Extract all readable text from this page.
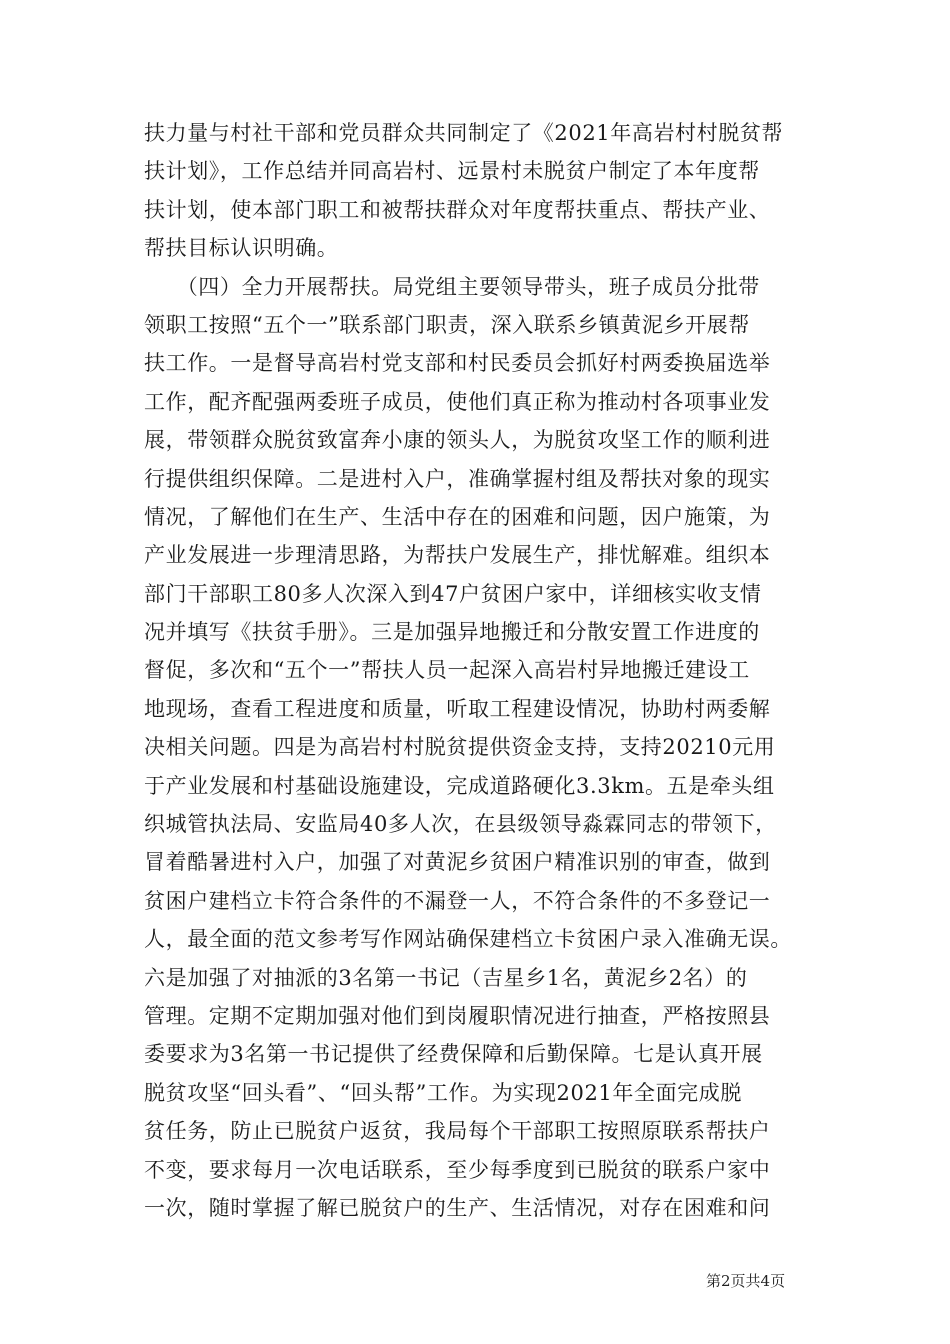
扶力量与村社干部和党员群众共同制定了《2021年高岩村村脱贫帮
扶计划》，工作总结并同高岩村、远景村未脱贫户制定了本年度帮
扶计划，使本部门职工和被帮扶群众对年度帮扶重点、帮扶产业、
帮扶目标认识明确。
　　（四）全力开展帮扶。局党组主要领导带头，班子成员分批带
领职工按照“五个一”联系部门职责，深入联系乡镇黄泥乡开展帮
扶工作。一是督导高岩村党支部和村民委员会抓好村两委换届选举
工作，配齐配强两委班子成员，使他们真正称为推动村各项事业发
展，带领群众脱贫致富奔小康的领头人，为脱贫攻坚工作的顺利进
行提供组织保障。二是进村入户，准确掌握村组及帮扶对象的现实
情况，了解他们在生产、生活中存在的困难和问题，因户施策，为
产业发展进一步理清思路，为帮扶户发展生产，排忧解难。组织本
部门干部职工80多人次深入到47户贫困户家中，详细核实收支情
况并填写《扶贫手册》。三是加强异地搬迁和分散安置工作进度的
督促，多次和“五个一”帮扶人员一起深入高岩村异地搬迁建设工
地现场，查看工程进度和质量，听取工程建设情况，协助村两委解
决相关问题。四是为高岩村村脱贫提供资金支持，支持20210元用
于产业发展和村基础设施建设，完成道路硬化3.3km。五是牵头组
织城管执法局、安监局40多人次，在县级领导淼霖同志的带领下，
冒着酷暑进村入户，加强了对黄泥乡贫困户精准识别的审查，做到
贫困户建档立卡符合条件的不漏登一人，不符合条件的不多登记一
人，最全面的范文参考写作网站确保建档立卡贫困户录入准确无误。
六是加强了对抽派的3名第一书记（吉星乡1名，黄泥乡2名）的
管理。定期不定期加强对他们到岗履职情况进行抽查，严格按照县
委要求为3名第一书记提供了经费保障和后勤保障。七是认真开展
脱贫攻坚“回头看”、“回头帮”工作。为实现2021年全面完成脱
贫任务，防止已脱贫户返贫，我局每个干部职工按照原联系帮扶户
不变，要求每月一次电话联系，至少每季度到已脱贫的联系户家中
一次，随时掌握了解已脱贫户的生产、生活情况，对存在困难和问
第2页共4页
